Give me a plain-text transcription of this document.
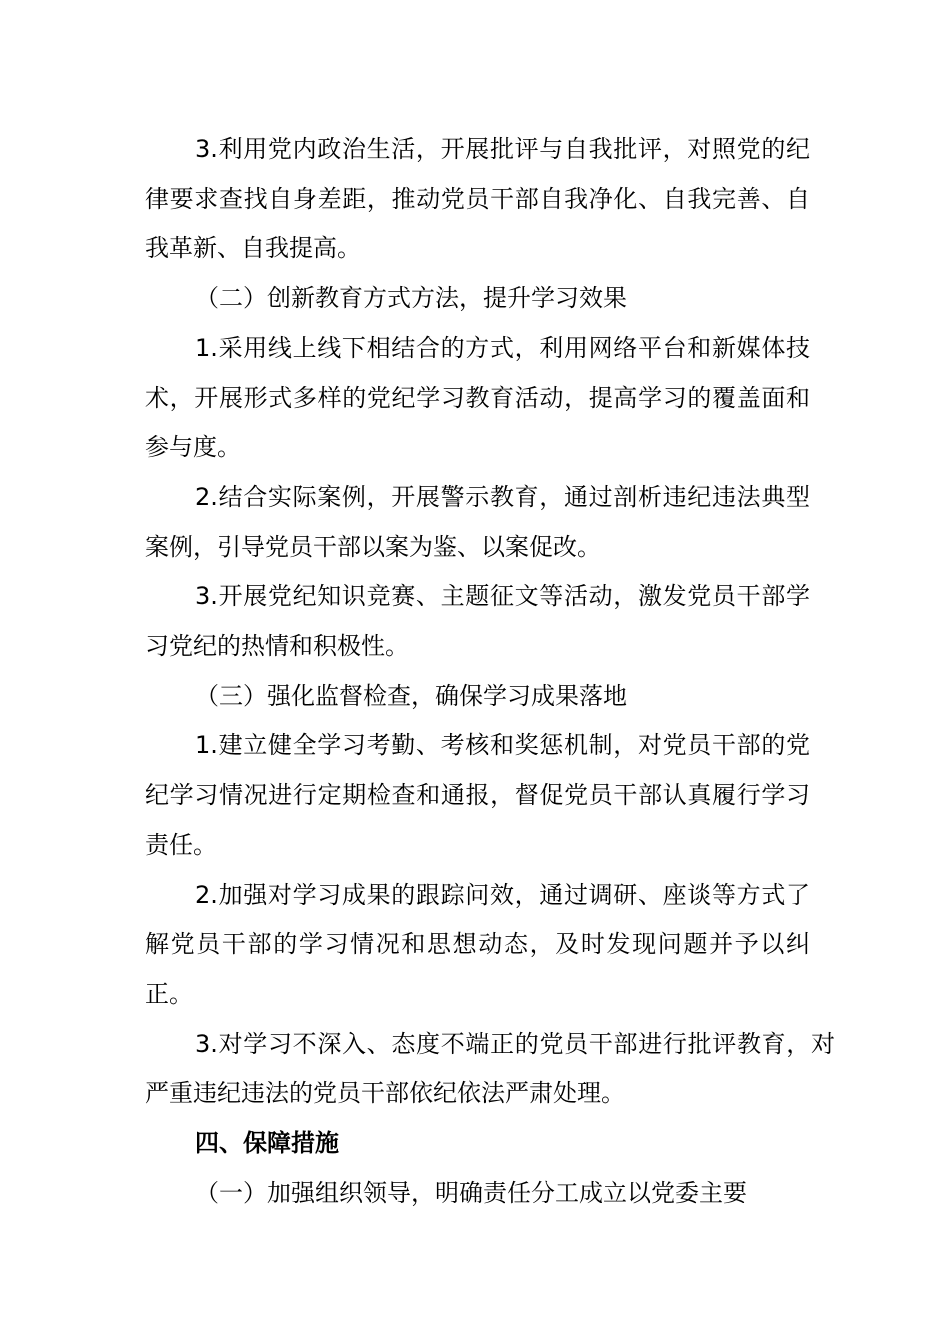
3.利用党内政治生活，开展批评与自我批评，对照党的纪律要求查找自身差距，推动党员干部自我净化、自我完善、自我革新、自我提高。

（二）创新教育方式方法，提升学习效果

1.采用线上线下相结合的方式，利用网络平台和新媒体技术，开展形式多样的党纪学习教育活动，提高学习的覆盖面和参与度。

2.结合实际案例，开展警示教育，通过剖析违纪违法典型案例，引导党员干部以案为鉴、以案促改。

3.开展党纪知识竞赛、主题征文等活动，激发党员干部学习党纪的热情和积极性。

（三）强化监督检查，确保学习成果落地

1.建立健全学习考勤、考核和奖惩机制，对党员干部的党纪学习情况进行定期检查和通报，督促党员干部认真履行学习责任。

2.加强对学习成果的跟踪问效，通过调研、座谈等方式了解党员干部的学习情况和思想动态，及时发现问题并予以纠正。

3.对学习不深入、态度不端正的党员干部进行批评教育，对严重违纪违法的党员干部依纪依法严肃处理。

四、保障措施

（一）加强组织领导，明确责任分工成立以党委主要
